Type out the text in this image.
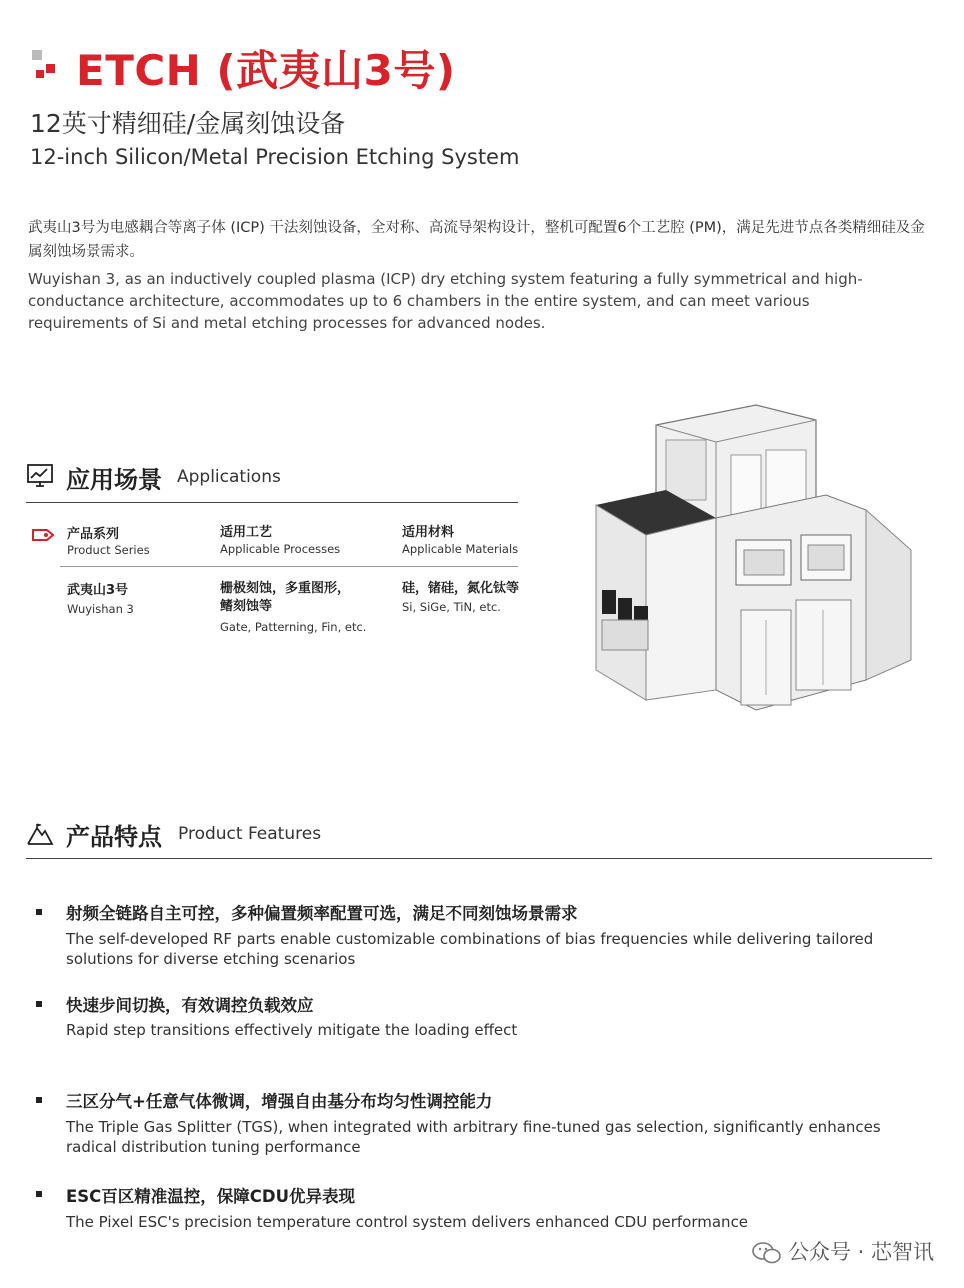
ETCH (武夷山3号)
12英寸精细硅/金属刻蚀设备
12-inch Silicon/Metal Precision Etching System
武夷山3号为电感耦合等离子体 (ICP) 干法刻蚀设备，全对称、高流导架构设计，整机可配置6个工艺腔 (PM)，满足先进节点各类精细硅及金属刻蚀场景需求。
Wuyishan 3, as an inductively coupled plasma (ICP) dry etching system featuring a fully symmetrical and high-conductance architecture, accommodates up to 6 chambers in the entire system, and can meet various requirements of Si and metal etching processes for advanced nodes.
应用场景 Applications
产品系列
Product Series
适用工艺
Applicable Processes
适用材料
Applicable Materials
武夷山3号
Wuyishan 3
栅极刻蚀，多重图形，鳍刻蚀等
Gate, Patterning, Fin, etc.
硅，锗硅，氮化钛等
Si, SiGe, TiN, etc.
产品特点 Product Features
射频全链路自主可控，多种偏置频率配置可选，满足不同刻蚀场景需求
The self-developed RF parts enable customizable combinations of bias frequencies while delivering tailored solutions for diverse etching scenarios
快速步间切换，有效调控负载效应
Rapid step transitions effectively mitigate the loading effect
三区分气+任意气体微调，增强自由基分布均匀性调控能力
The Triple Gas Splitter (TGS), when integrated with arbitrary fine-tuned gas selection, significantly enhances radical distribution tuning performance
ESC百区精准温控，保障CDU优异表现
The Pixel ESC's precision temperature control system delivers enhanced CDU performance
公众号 · 芯智讯
